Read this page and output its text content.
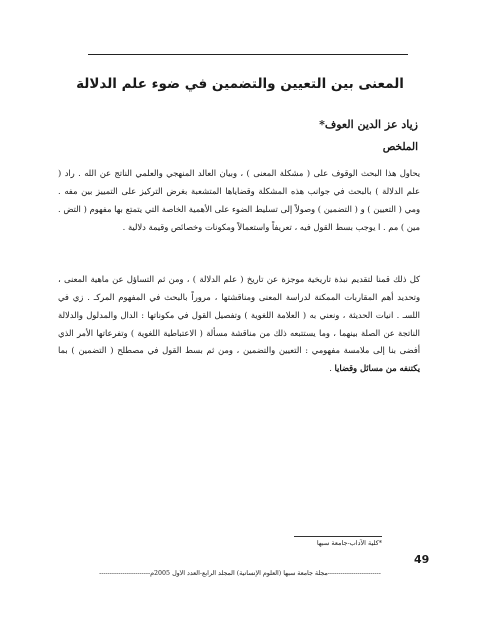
المعنى بين التعيين والتضمين في ضوء علم الدلالة
زياد عز الدين العوف*
الملخص

يحاول هذا البحث الوقوف على ( مشكلة المعنى ) ، وبيان العالد المنهجي والعلمي الناتج عن الله . راد ( علم الدلالة ) بالبحث في جوانب هذه المشكلة وقضاياها المتشعبة بغرض التركيز على التمييز بين مفه . ومي ( التعيين ) و ( التضمين ) وصولاً إلى تسليط الضوء على الأهمية الخاصة التي يتمتع بها مفهوم ( التض . مين ) مم . ا يوجب بسط القول فيه ، تعريفاً واستعمالاً ومكونات وخصائص وقيمة دلالية .

كل ذلك قمنا لتقديم نبذة تاريخية موجزة عن تاريخ ( علم الدلالة ) ، ومن ثم التساؤل عن ماهية المعنى ، وتحديد أهم المقاربات الممكنة لدراسة المعنى ومناقشتها ، مروراً بالبحث في المفهوم المركـ . زي في اللسـ . انيات الحديثة ، ونعني به ( العلامة اللغوية ) وتفصيل القول في مكوناتها : الدال والمدلول والدلالة الناتجة عن الصلة بينهما ، وما يستتبعه ذلك من مناقشة مسألة ( الاعتباطية اللغوية ) وتفرعاتها الأمر الذي أفضى بنا إلى ملامسة مفهومي : التعيين والتضمين ، ومن ثم بسط القول في مصطلح ( التضمين ) بما يكتنفه من مسائل وقضايا .

*كلية الآداب-جامعة سبها
49
-------------------------مجلة جامعة سبها (العلوم الإنسانية) المجلد الرابع-العدد الأول 2005م------------------------
